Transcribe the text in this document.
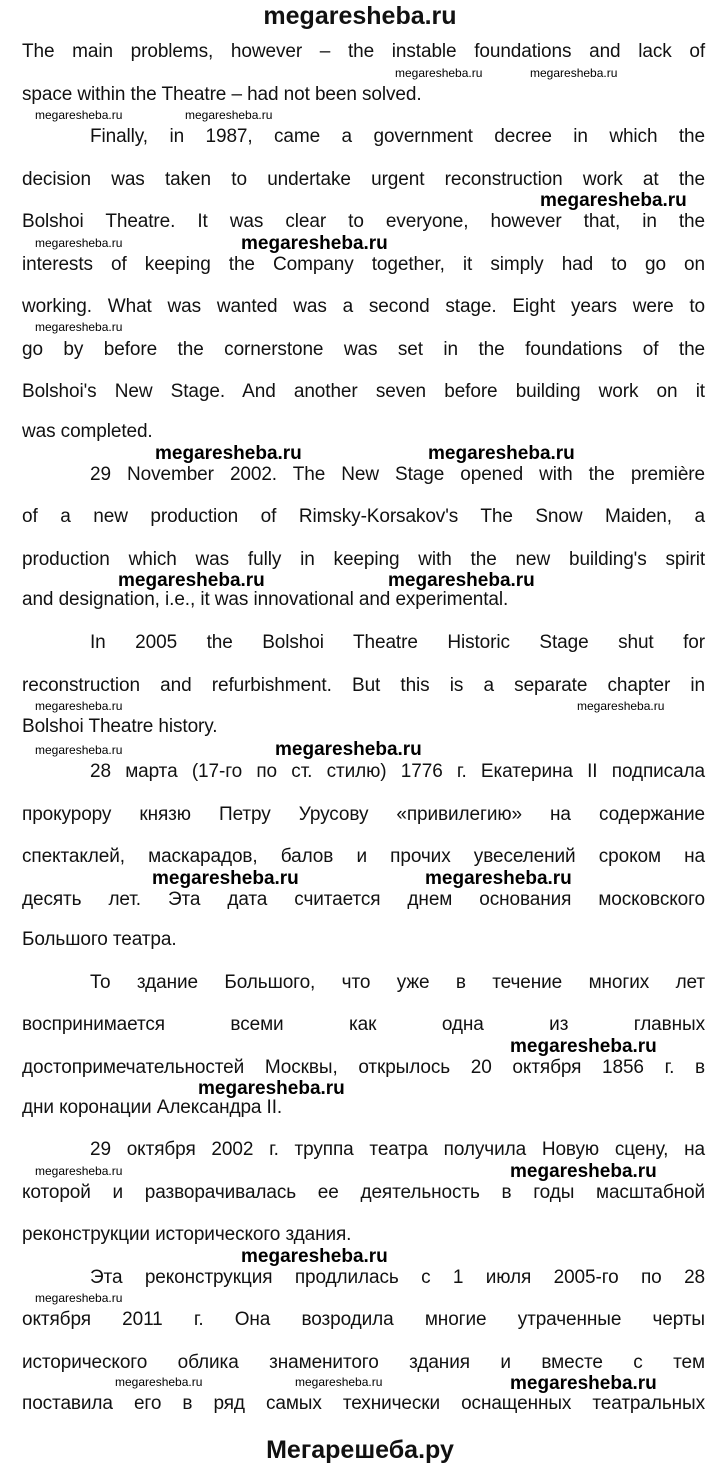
megaresheba.ru
The main problems, however – the instable foundations and lack of
space within the Theatre – had not been solved.
Finally, in 1987, came a government decree in which the
decision was taken to undertake urgent reconstruction work at the
Bolshoi Theatre. It was clear to everyone, however that, in the
interests of keeping the Company together, it simply had to go on
working. What was wanted was a second stage. Eight years were to
go by before the cornerstone was set in the foundations of the
Bolshoi's New Stage. And another seven before building work on it
was completed.
29 November 2002. The New Stage opened with the première
of a new production of Rimsky-Korsakov's The Snow Maiden, a
production which was fully in keeping with the new building's spirit
and designation, i.e., it was innovational and experimental.
In 2005 the Bolshoi Theatre Historic Stage shut for
reconstruction and refurbishment. But this is a separate chapter in
Bolshoi Theatre history.
28 марта (17-го по ст. стилю) 1776 г. Екатерина II подписала
прокурору князю Петру Урусову «привилегию» на содержание
спектаклей, маскарадов, балов и прочих увеселений сроком на
десять лет. Эта дата считается днем основания московского
Большого театра.
То здание Большого, что уже в течение многих лет
воспринимается всеми как одна из главных
достопримечательностей Москвы, открылось 20 октября 1856 г. в
дни коронации Александра II.
29 октября 2002 г. труппа театра получила Новую сцену, на
которой и разворачивалась ее деятельность в годы масштабной
реконструкции исторического здания.
Эта реконструкция продлилась с 1 июля 2005-го по 28
октября 2011 г. Она возродила многие утраченные черты
исторического облика знаменитого здания и вместе с тем
поставила его в ряд самых технически оснащенных театральных
megaresheba.ru
megaresheba.ru
megaresheba.ru	megaresheba.ru
megaresheba.ru	megaresheba.ru
megaresheba.ru
megaresheba.ru
megaresheba.ru
megaresheba.ru
megaresheba.ru
megaresheba.ru
megaresheba.ru
megaresheba.ru
megaresheba.ru	megaresheba.ru
megaresheba.ru	megaresheba.ru
megaresheba.ru
megaresheba.ru
megaresheba.ru	megaresheba.ru
megaresheba.ru
megaresheba.ru
megaresheba.ru
megaresheba.ru	megaresheba.ru
Мегарешеба.ру
